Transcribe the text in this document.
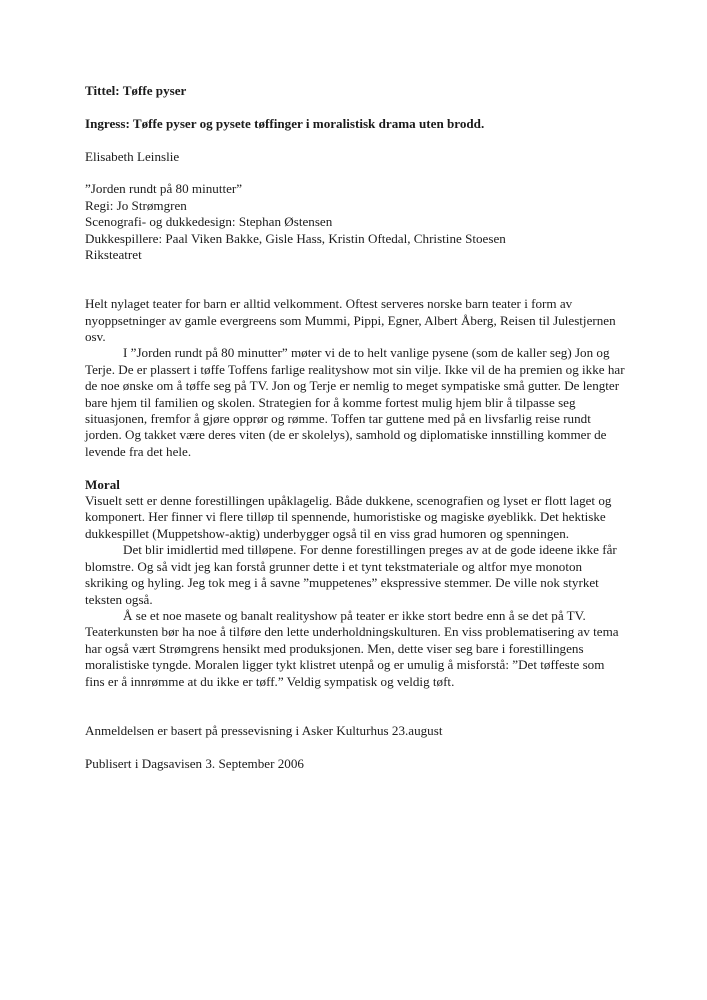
Tittel: Tøffe pyser

Ingress: Tøffe pyser og pysete tøffinger i moralistisk drama uten brodd.

Elisabeth Leinslie

”Jorden rundt på 80 minutter”

Regi: Jo Strømgren

Scenografi- og dukkedesign: Stephan Østensen

Dukkespillere: Paal Viken Bakke, Gisle Hass, Kristin Oftedal, Christine Stoesen

Riksteatret

Helt nylaget teater for barn er alltid velkomment. Oftest serveres norske barn teater i form av nyoppsetninger av gamle evergreens som Mummi, Pippi, Egner, Albert Åberg, Reisen til Julestjernen osv.

I ”Jorden rundt på 80 minutter” møter vi de to helt vanlige pysene (som de kaller seg) Jon og Terje. De er plassert i tøffe Toffens farlige realityshow mot sin vilje. Ikke vil de ha premien og ikke har de noe ønske om å tøffe seg på TV. Jon og Terje er nemlig to meget sympatiske små gutter. De lengter bare hjem til familien og skolen. Strategien for å komme fortest mulig hjem blir å tilpasse seg situasjonen, fremfor å gjøre opprør og rømme. Toffen tar guttene med på en livsfarlig reise rundt jorden. Og takket være deres viten (de er skolelys), samhold og diplomatiske innstilling kommer de levende fra det hele.

Moral

Visuelt sett er denne forestillingen upåklagelig. Både dukkene, scenografien og lyset er flott laget og komponert. Her finner vi flere tilløp til spennende, humoristiske og magiske øyeblikk. Det hektiske dukkespillet (Muppetshow-aktig) underbygger også til en viss grad humoren og spenningen.

Det blir imidlertid med tilløpene. For denne forestillingen preges av at de gode ideene ikke får blomstre. Og så vidt jeg kan forstå grunner dette i et tynt tekstmateriale og altfor mye monoton skriking og hyling. Jeg tok meg i å savne ”muppetenes” ekspressive stemmer. De ville nok styrket teksten også.

Å se et noe masete og banalt realityshow på teater er ikke stort bedre enn å se det på TV. Teaterkunsten bør ha noe å tilføre den lette underholdningskulturen. En viss problematisering av tema har også vært Strømgrens hensikt med produksjonen. Men, dette viser seg bare i forestillingens moralistiske tyngde. Moralen ligger tykt klistret utenpå og er umulig å misforstå: ”Det tøffeste som fins er å innrømme at du ikke er tøff.” Veldig sympatisk og veldig tøft.

Anmeldelsen er basert på pressevisning i Asker Kulturhus 23.august

Publisert i Dagsavisen 3. September 2006
